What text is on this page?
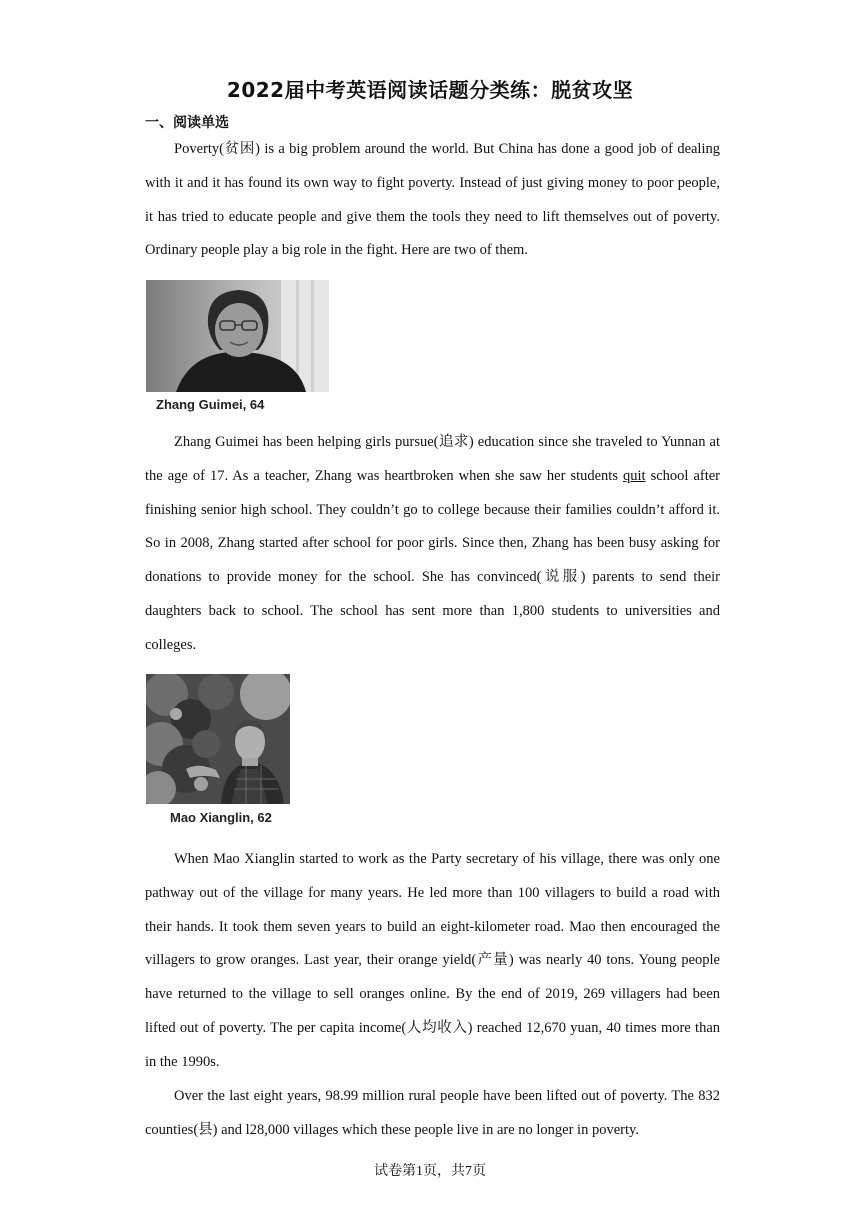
2022届中考英语阅读话题分类练：脱贫攻坚
一、阅读单选

Poverty(贫困) is a big problem around the world. But China has done a good job of dealing with it and it has found its own way to fight poverty. Instead of just giving money to poor people, it has tried to educate people and give them the tools they need to lift themselves out of poverty. Ordinary people play a big role in the fight. Here are two of them.

Zhang Guimei, 64

Zhang Guimei has been helping girls pursue(追求) education since she traveled to Yunnan at the age of 17. As a teacher, Zhang was heartbroken when she saw her students quit school after finishing senior high school. They couldn’t go to college because their families couldn’t afford it. So in 2008, Zhang started after school for poor girls. Since then, Zhang has been busy asking for donations to provide money for the school. She has convinced(说服) parents to send their daughters back to school. The school has sent more than 1,800 students to universities and colleges.

Mao Xianglin, 62

When Mao Xianglin started to work as the Party secretary of his village, there was only one pathway out of the village for many years. He led more than 100 villagers to build a road with their hands. It took them seven years to build an eight-kilometer road. Mao then encouraged the villagers to grow oranges. Last year, their orange yield(产量) was nearly 40 tons. Young people have returned to the village to sell oranges online. By the end of 2019, 269 villagers had been lifted out of poverty. The per capita income(人均收入) reached 12,670 yuan, 40 times more than in the 1990s.

Over the last eight years, 98.99 million rural people have been lifted out of poverty. The 832 counties(县) and l28,000 villages which these people live in are no longer in poverty.

试卷第1页，共7页
